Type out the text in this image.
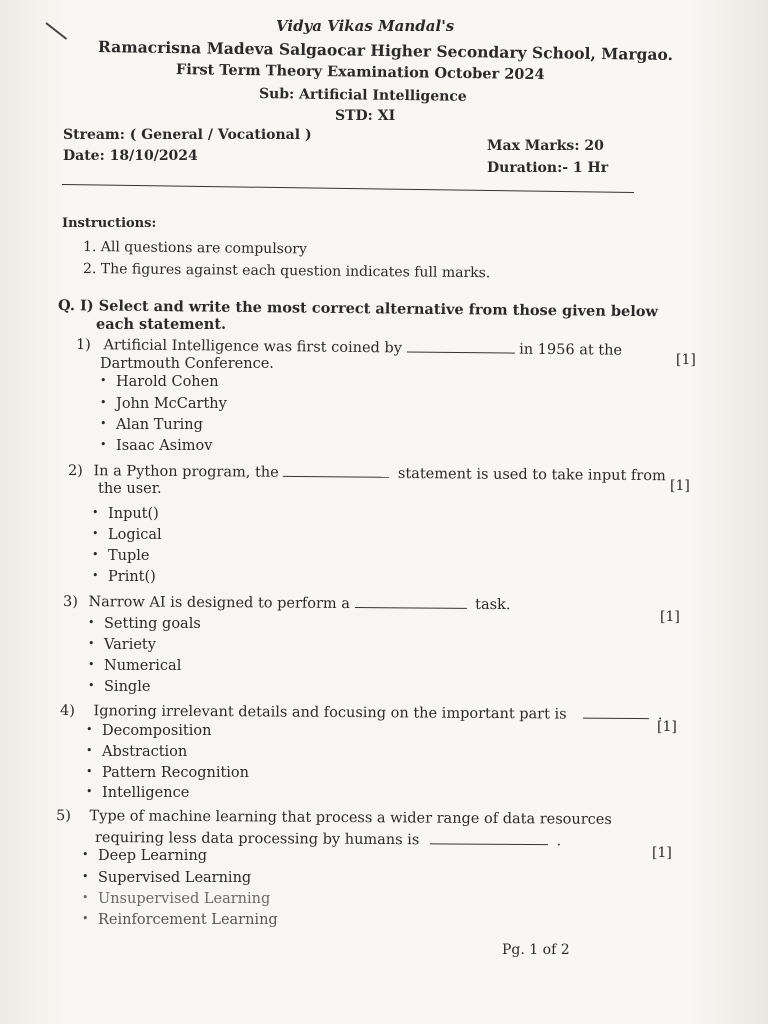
Vidya Vikas Mandal's
Ramacrisna Madeva Salgaocar Higher Secondary School, Margao.
First Term Theory Examination October 2024
Sub: Artificial Intelligence
STD: XI
Stream: ( General / Vocational )
Date: 18/10/2024
Max Marks: 20
Duration:- 1 Hr
Instructions:
1. All questions are compulsory
2. The figures against each question indicates full marks.
Q. I) Select and write the most correct alternative from those given below
each statement.
1) Artificial Intelligence was first coined by	in 1956 at the
Dartmouth Conference.	[1]
• Harold Cohen
• John McCarthy
• Alan Turing
• Isaac Asimov
2) In a Python program, the	statement is used to take input from
the user.	[1]
• Input()
• Logical
• Tuple
• Print()
3) Narrow AI is designed to perform a	task.
[1]
• Setting goals
• Variety
• Numerical
• Single
4) Ignoring irrelevant details and focusing on the important part is	.
[1]
• Decomposition
• Abstraction
• Pattern Recognition
• Intelligence
5) Type of machine learning that process a wider range of data resources
requiring less data processing by humans is	.
[1]
• Deep Learning
• Supervised Learning
• Unsupervised Learning
• Reinforcement Learning
Pg. 1 of 2
